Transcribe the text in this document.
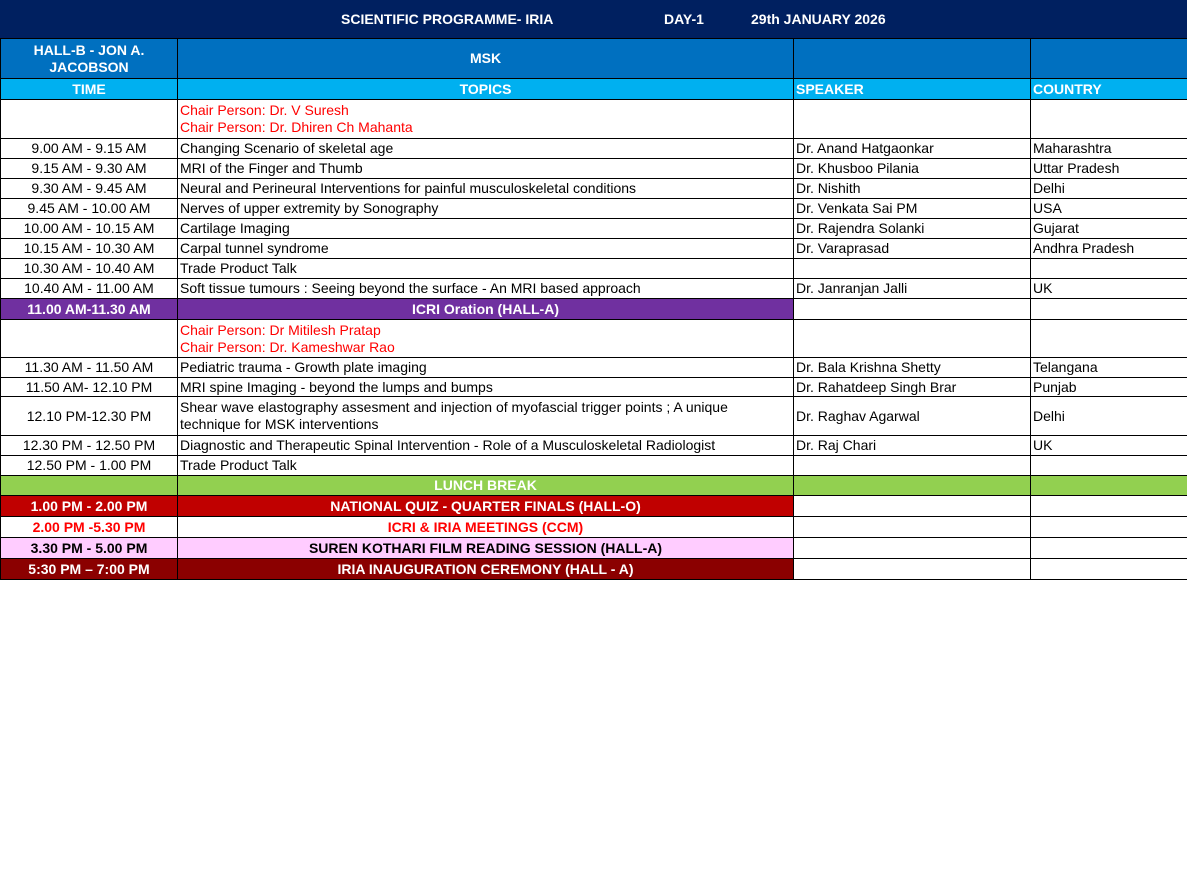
SCIENTIFIC PROGRAMME- IRIA	DAY-1	29th JANUARY 2026
HALL-B - JON A. JACOBSON	MSK		
TIME	TOPICS	SPEAKER	COUNTRY

	Chair Person: Dr. V Suresh
Chair Person: Dr. Dhiren Ch Mahanta		

9.00 AM - 9.15 AM	Changing Scenario of skeletal age	Dr. Anand Hatgaonkar	Maharashtra
9.15 AM - 9.30 AM	MRI of the Finger and Thumb	Dr. Khusboo Pilania	Uttar Pradesh
9.30 AM - 9.45 AM	Neural and Perineural Interventions for painful musculoskeletal conditions	Dr. Nishith	Delhi
9.45 AM - 10.00 AM	Nerves of upper extremity by Sonography	Dr. Venkata Sai PM	USA
10.00 AM - 10.15 AM	Cartilage Imaging	Dr. Rajendra Solanki	Gujarat
10.15 AM - 10.30 AM	Carpal tunnel syndrome	Dr. Varaprasad	Andhra Pradesh
10.30 AM - 10.40 AM	Trade Product Talk		
10.40 AM - 11.00 AM	Soft tissue tumours : Seeing beyond the surface - An MRI based approach	Dr. Janranjan Jalli	UK
11.00 AM-11.30 AM	ICRI Oration (HALL-A)		

	Chair Person: Dr Mitilesh Pratap
Chair Person: Dr. Kameshwar Rao		

11.30 AM - 11.50 AM	Pediatric trauma - Growth plate imaging	Dr. Bala Krishna Shetty	Telangana
11.50 AM- 12.10 PM	MRI spine Imaging - beyond the lumps and bumps	Dr. Rahatdeep Singh Brar	Punjab
12.10 PM-12.30 PM	Shear wave elastography assesment and injection of myofascial trigger points ; A unique technique for MSK interventions	Dr. Raghav Agarwal	Delhi
12.30 PM - 12.50 PM	Diagnostic and Therapeutic Spinal Intervention - Role of a Musculoskeletal Radiologist	Dr. Raj Chari	UK
12.50 PM - 1.00 PM	Trade Product Talk		
	LUNCH BREAK		
1.00 PM - 2.00 PM	NATIONAL QUIZ - QUARTER FINALS (HALL-O)		
2.00 PM -5.30 PM	ICRI & IRIA MEETINGS (CCM)		
3.30 PM - 5.00 PM	SUREN KOTHARI FILM READING SESSION (HALL-A)		
5:30 PM – 7:00 PM	IRIA INAUGURATION CEREMONY (HALL - A)		
